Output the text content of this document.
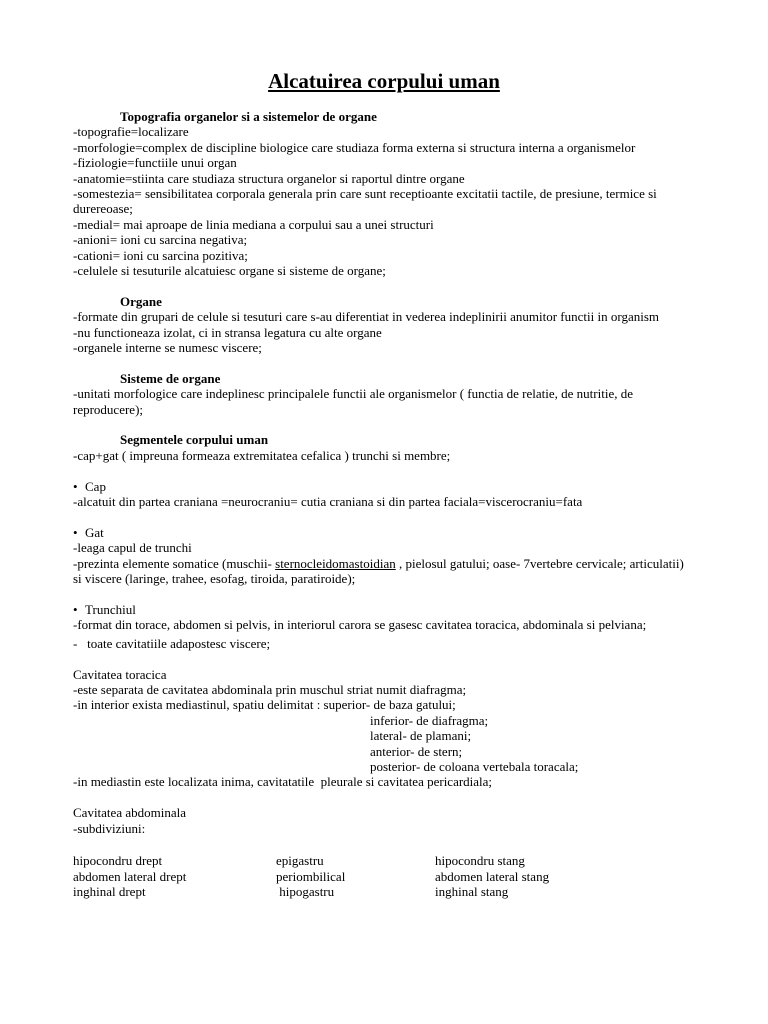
Alcatuirea corpului uman
Topografia organelor si a sistemelor de organe
-topografie=localizare
-morfologie=complex de discipline biologice care studiaza forma externa si structura interna a organismelor
-fiziologie=functiile unui organ
-anatomie=stiinta care studiaza structura organelor si raportul dintre organe
-somestezia= sensibilitatea corporala generala prin care sunt receptioante excitatii tactile, de presiune, termice si durereoase;
-medial= mai aproape de linia mediana a corpului sau a unei structuri
-anioni= ioni cu sarcina negativa;
-cationi= ioni cu sarcina pozitiva;
-celulele si tesuturile alcatuiesc organe si sisteme de organe;
Organe
-formate din grupari de celule si tesuturi care s-au diferentiat in vederea indeplinirii anumitor functii in organism
-nu functioneaza izolat, ci in stransa legatura cu alte organe
-organele interne se numesc viscere;
Sisteme de organe
-unitati morfologice care indeplinesc principalele functii ale organismelor ( functia de relatie, de nutritie, de reproducere);
Segmentele corpului uman
-cap+gat ( impreuna formeaza extremitatea cefalica ) trunchi si membre;
• Cap
-alcatuit din partea craniana =neurocraniu= cutia craniana si din partea faciala=viscerocraniu=fata
• Gat
-leaga capul de trunchi
-prezinta elemente somatice (muschii- sternocleidomastoidian , pielosul gatului; oase- 7vertebre cervicale; articulatii) si viscere (laringe, trahee, esofag, tiroida, paratiroide);
• Trunchiul
-format din torace, abdomen si pelvis, in interiorul carora se gasesc cavitatea toracica, abdominala si pelviana;
-   toate cavitatiile adapostesc viscere;
Cavitatea toracica
-este separata de cavitatea abdominala prin muschul striat numit diafragma;
-in interior exista mediastinul, spatiu delimitat : superior- de baza gatului;
inferior- de diafragma;
lateral- de plamani;
anterior- de stern;
posterior- de coloana vertebala toracala;
-in mediastin este localizata inima, cavitatatile  pleurale si cavitatea pericardiala;
Cavitatea abdominala
-subdiviziuni:
hipocondru drept	epigastru	hipocondru stang
abdomen lateral drept	periombilical	abdomen lateral stang
inghinal drept	hipogastru	inghinal stang
